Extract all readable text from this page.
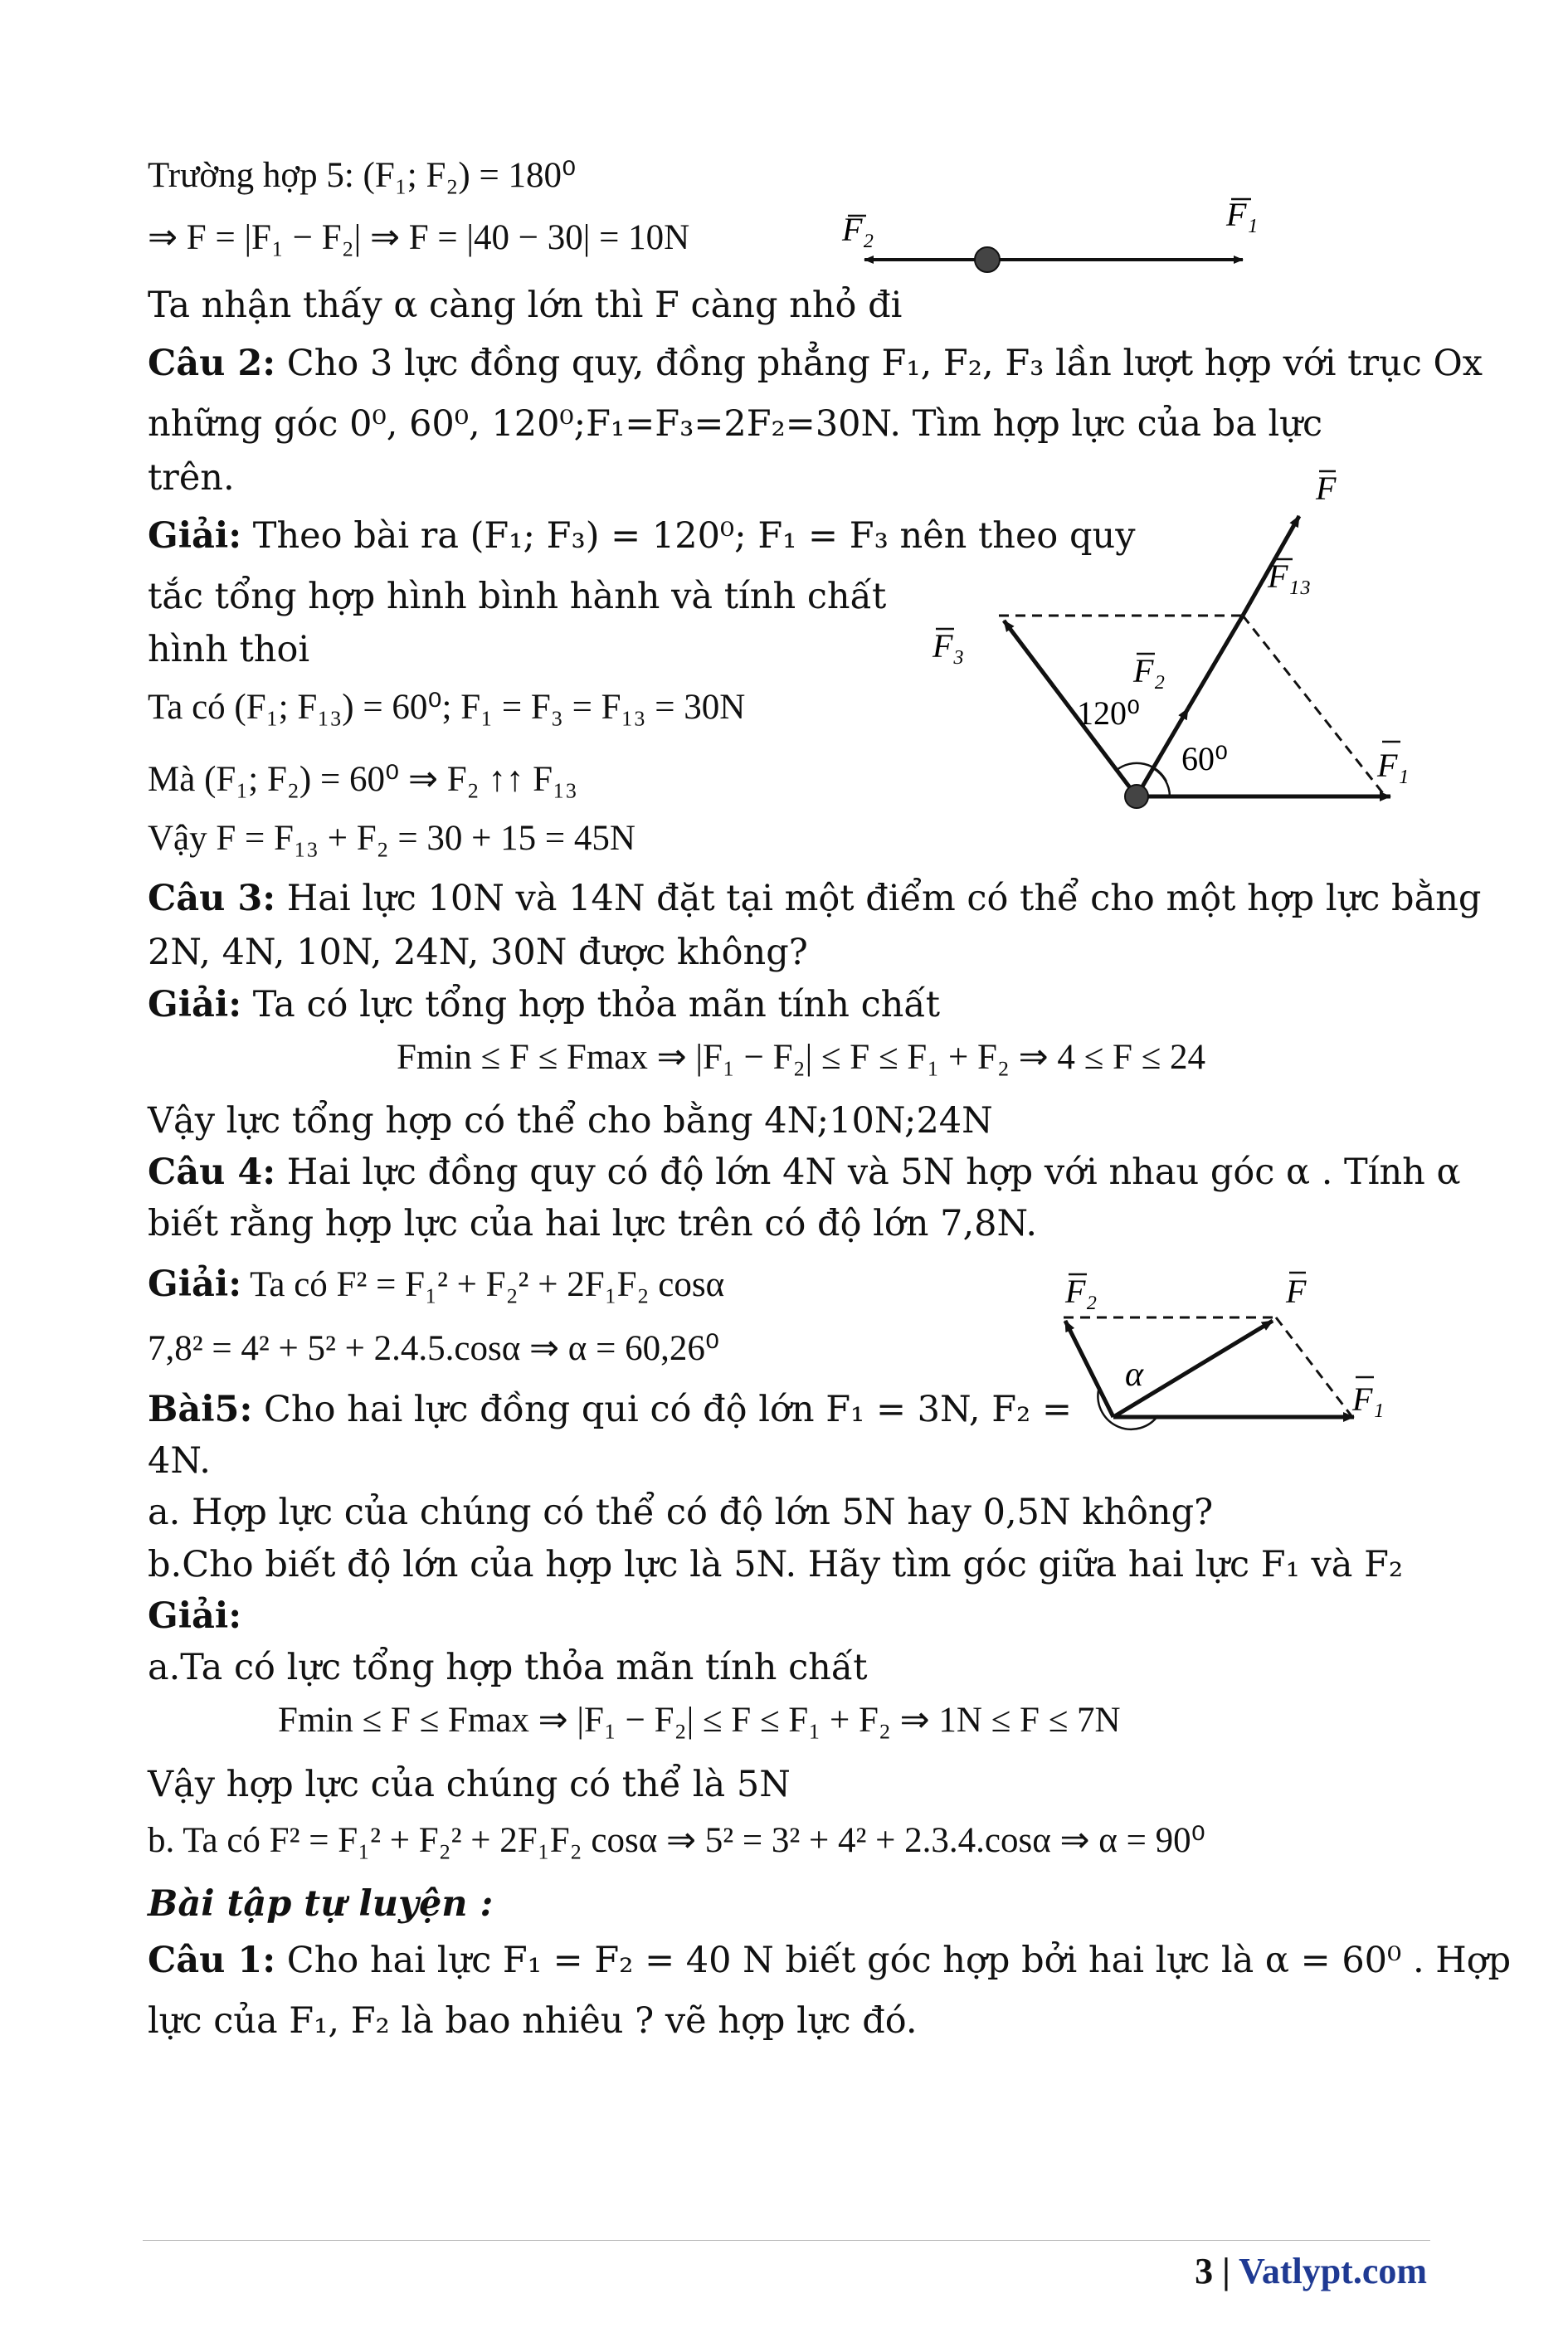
Trường hợp 5: (F₁; F₂) = 180⁰
⇒ F = |F₁ − F₂| ⇒ F = |40 − 30| = 10N
Ta nhận thấy α càng lớn thì F càng nhỏ đi
Câu 2: Cho 3 lực đồng quy, đồng phẳng F₁, F₂, F₃ lần lượt hợp với trục Ox
những góc 0⁰, 60⁰, 120⁰;F₁=F₃=2F₂=30N. Tìm hợp lực của ba lực
trên.
Giải: Theo bài ra (F₁; F₃) = 120⁰; F₁ = F₃ nên theo quy
tắc tổng hợp hình bình hành và tính chất
hình thoi
Ta có (F₁; F₁₃) = 60⁰; F₁ = F₃ = F₁₃ = 30N
Mà (F₁; F₂) = 60⁰ ⇒ F₂ ↑↑ F₁₃
Vậy F = F₁₃ + F₂ = 30 + 15 = 45N
Câu 3: Hai lực 10N và 14N đặt tại một điểm có thể cho một hợp lực bằng
2N, 4N, 10N, 24N, 30N được không?
Giải: Ta có lực tổng hợp thỏa mãn tính chất
Fmin ≤ F ≤ Fmax ⇒ |F₁ − F₂| ≤ F ≤ F₁ + F₂ ⇒ 4 ≤ F ≤ 24
Vậy lực tổng hợp có thể cho bằng 4N;10N;24N
Câu 4: Hai lực đồng quy có độ lớn 4N và 5N hợp với nhau góc α . Tính α
biết rằng hợp lực của hai lực trên có độ lớn 7,8N.
Giải: Ta có F² = F₁² + F₂² + 2F₁F₂ cosα
7,8² = 4² + 5² + 2.4.5.cosα ⇒ α = 60,26⁰
Bài5: Cho hai lực đồng qui có độ lớn F₁ = 3N, F₂ =
4N.
a. Hợp lực của chúng có thể có độ lớn 5N hay 0,5N không?
b.Cho biết độ lớn của hợp lực là 5N. Hãy tìm góc giữa hai lực F₁ và F₂
Giải:
a.Ta có lực tổng hợp thỏa mãn tính chất
Fmin ≤ F ≤ Fmax ⇒ |F₁ − F₂| ≤ F ≤ F₁ + F₂ ⇒ 1N ≤ F ≤ 7N
Vậy hợp lực của chúng có thể là 5N
b. Ta có F² = F₁² + F₂² + 2F₁F₂ cosα ⇒ 5² = 3² + 4² + 2.3.4.cosα ⇒ α = 90⁰
Bài tập tự luyện :
Câu 1: Cho hai lực F₁ = F₂ = 40 N biết góc hợp bởi hai lực là α = 60⁰ . Hợp
lực của F₁, F₂ là bao nhiêu ? vẽ hợp lực đó.
F₂	F₁
F
F₁₃
F₃
F₂
120⁰
60⁰	F₁
F₂	F
α
F₁
3 | Vatlypt.com
